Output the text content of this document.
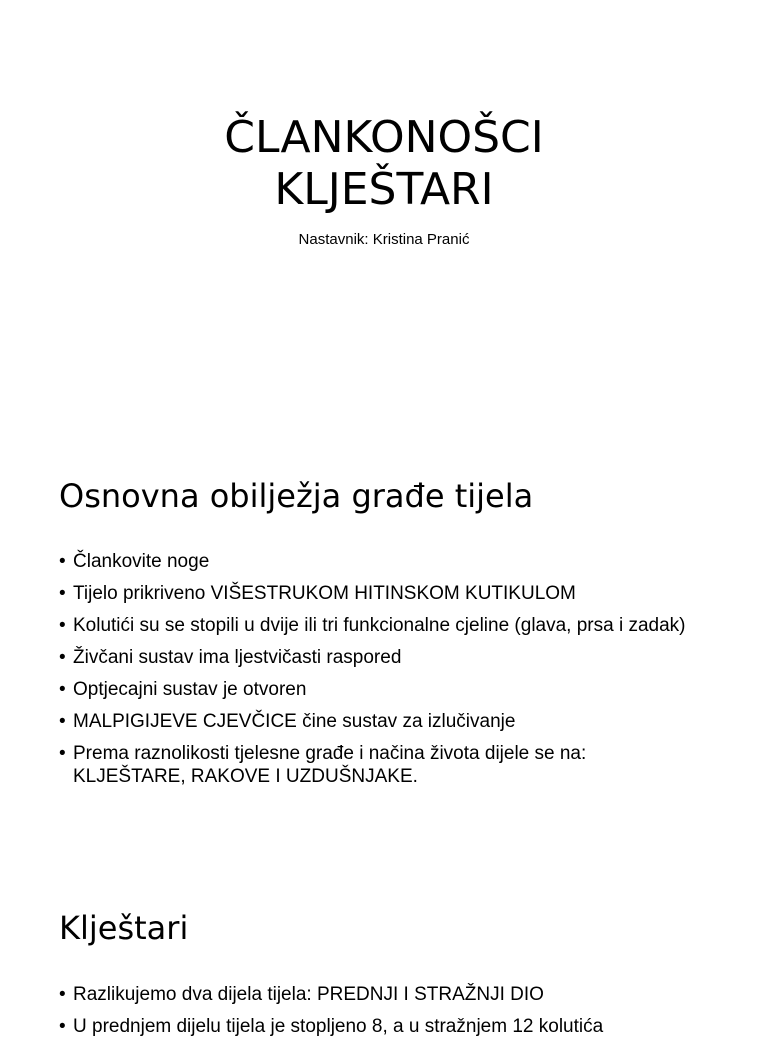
ČLANKONOŠCI
KLJEŠTARI

Nastavnik: Kristina Pranić

Osnovna obilježja građe tijela
• Člankovite noge
• Tijelo prikriveno VIŠESTRUKOM HITINSKOM KUTIKULOM
• Kolutići su se stopili u dvije ili tri funkcionalne cjeline (glava, prsa i zadak)
• Živčani sustav ima ljestvičasti raspored
• Optjecajni sustav je otvoren
• MALPIGIJEVE CJEVČICE čine sustav za izlučivanje
• Prema raznolikosti tjelesne građe i načina života dijele se na: KLJEŠTARE, RAKOVE I UZDUŠNJAKE.
Klještari
• Razlikujemo dva dijela tijela: PREDNJI I STRAŽNJI DIO
• U prednjem dijelu tijela je stopljeno 8, a u stražnjem 12 kolutića
